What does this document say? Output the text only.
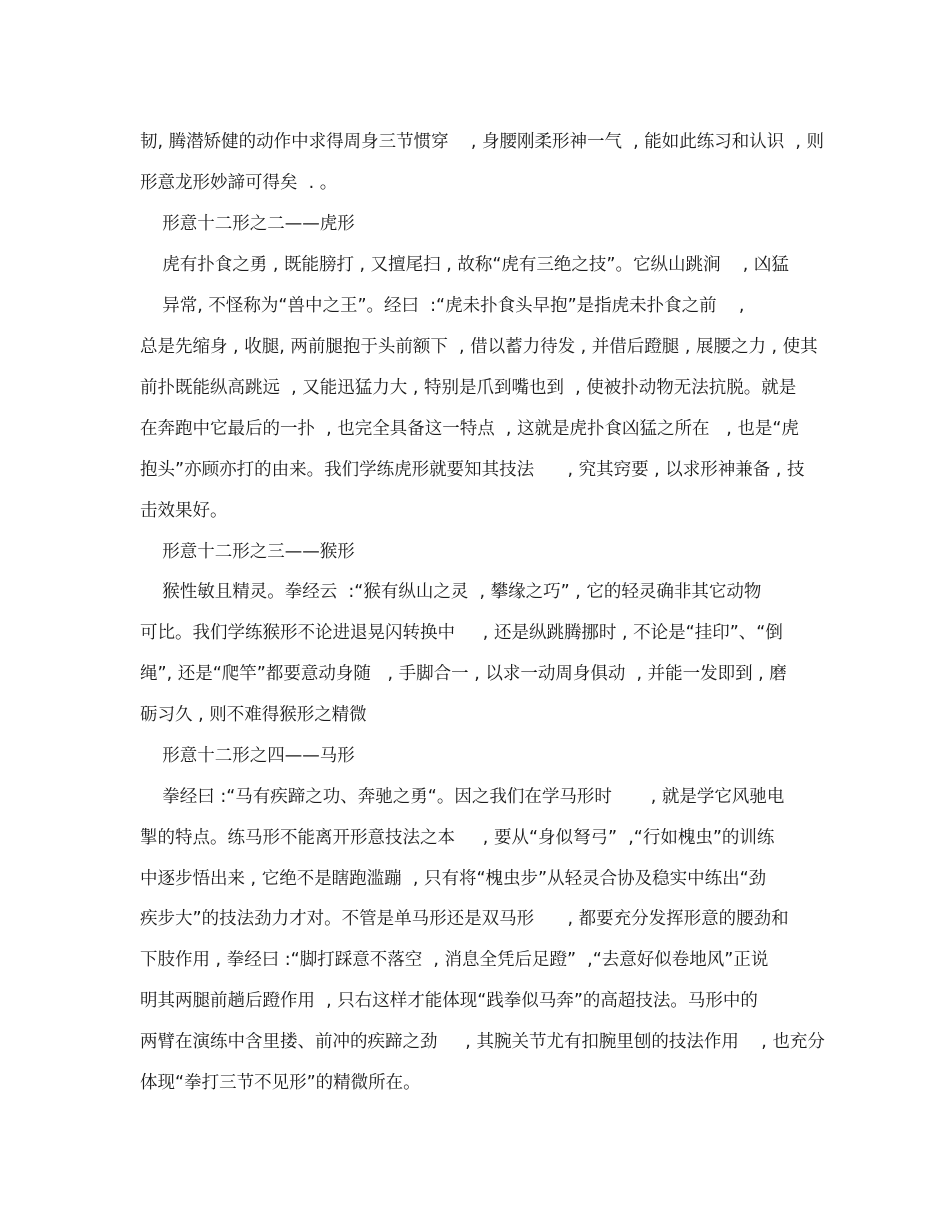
韧, 腾潜矫健的动作中求得周身三节惯穿    , 身腰刚柔形神一气  , 能如此练习和认识  , 则
形意龙形妙諦可得矣  . 。
形意十二形之二——虎形
虎有扑食之勇 , 既能膀打 , 又擅尾扫 , 故称“虎有三绝之技”。它纵山跳涧    , 凶猛
异常, 不怪称为“兽中之王”。经曰  :“虎未扑食头早抱”是指虎未扑食之前    ,
总是先缩身 , 收腿, 两前腿抱于头前额下  , 借以蓄力待发 , 并借后蹬腿 , 展腰之力 , 使其
前扑既能纵高跳远  , 又能迅猛力大 , 特别是爪到嘴也到  , 使被扑动物无法抗脱。就是
在奔跑中它最后的一扑  , 也完全具备这一特点  , 这就是虎扑食凶猛之所在   , 也是“虎
抱头”亦顾亦打的由来。我们学练虎形就要知其技法      , 究其窍要 , 以求形神兼备 , 技
击效果好。
形意十二形之三——猴形
猴性敏且精灵。拳经云  :“猴有纵山之灵  , 攀缘之巧” , 它的轻灵确非其它动物
可比。我们学练猴形不论进退晃闪转换中     , 还是纵跳腾挪时 , 不论是“挂印”、“倒
绳”, 还是“爬竿”都要意动身随   , 手脚合一 , 以求一动周身俱动  , 并能一发即到 , 磨
砺习久 , 则不难得猴形之精微
形意十二形之四——马形
拳经曰 :“马有疾蹄之功、奔驰之勇“。因之我们在学马形时       , 就是学它风驰电
掣的特点。练马形不能离开形意技法之本     , 要从“身似弩弓”  ,“行如槐虫”的训练
中逐步悟出来 , 它绝不是瞎跑滥蹦  , 只有将“槐虫步”从轻灵合协及稳实中练出“劲
疾步大”的技法劲力才对。不管是单马形还是双马形      , 都要充分发挥形意的腰劲和
下肢作用 , 拳经曰 :“脚打踩意不落空  , 消息全凭后足蹬”  ,“去意好似卷地风”正说
明其两腿前趟后蹬作用  , 只右这样才能体现“践拳似马奔”的高超技法。马形中的
两臂在演练中含里搂、前冲的疾蹄之劲     , 其腕关节尤有扣腕里刨的技法作用    , 也充分
体现“拳打三节不见形”的精微所在。
